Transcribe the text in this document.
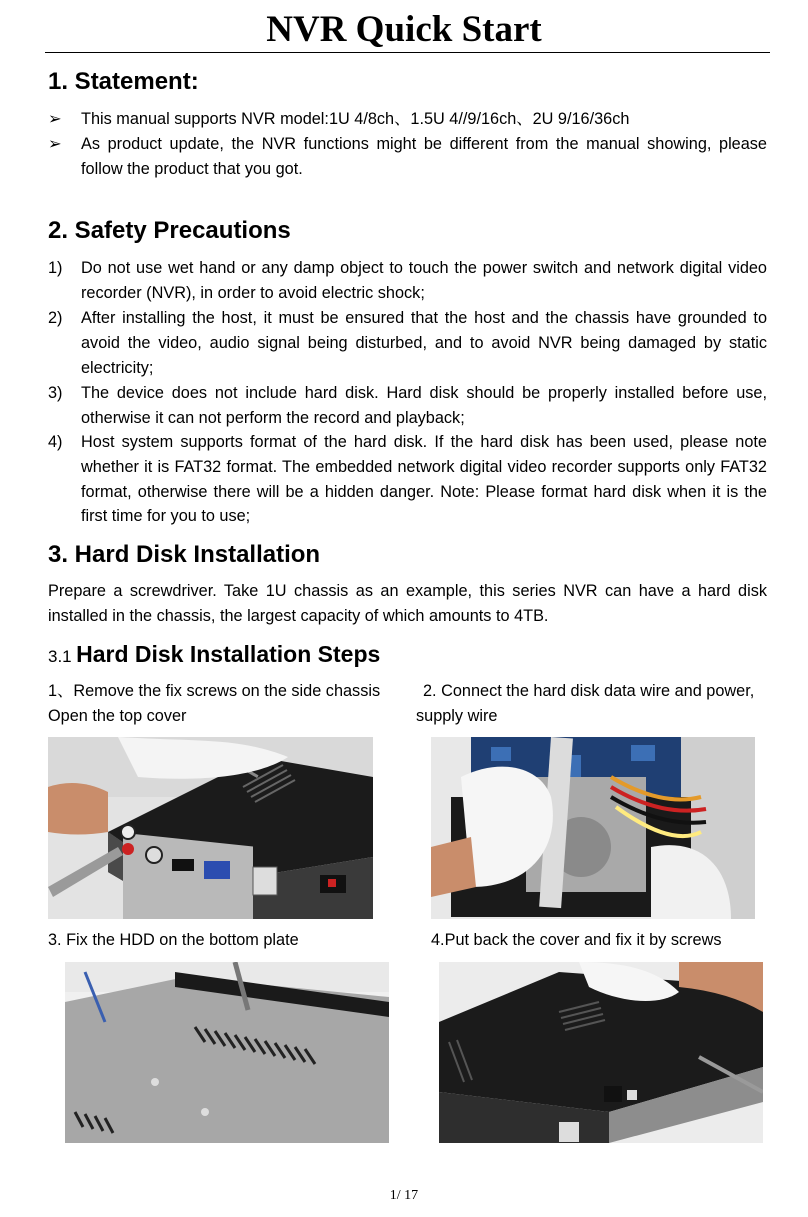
NVR Quick Start
1. Statement:
➢ This manual supports NVR model:1U 4/8ch、1.5U 4//9/16ch、2U 9/16/36ch
➢ As product update, the NVR functions might be different from the manual showing, please follow the product that you got.
2. Safety Precautions
1) Do not use wet hand or any damp object to touch the power switch and network digital video recorder (NVR), in order to avoid electric shock;
2) After installing the host, it must be ensured that the host and the chassis have grounded to avoid the video, audio signal being disturbed, and to avoid NVR being damaged by static electricity;
3) The device does not include hard disk. Hard disk should be properly installed before use, otherwise it can not perform the record and playback;
4) Host system supports format of the hard disk. If the hard disk has been used, please note whether it is FAT32 format. The embedded network digital video recorder supports only FAT32 format, otherwise there will be a hidden danger. Note: Please format hard disk when it is the first time for you to use;
3. Hard Disk Installation

Prepare a screwdriver. Take 1U chassis as an example, this series NVR can have a hard disk installed in the chassis, the largest capacity of which amounts to 4TB.

3.1 Hard Disk Installation Steps
1、Remove the fix screws on the side chassis
Open the top cover
2. Connect the hard disk data wire and power,
supply wire
3. Fix the HDD on the bottom plate	4.Put back the cover and fix it by screws
1/ 17
